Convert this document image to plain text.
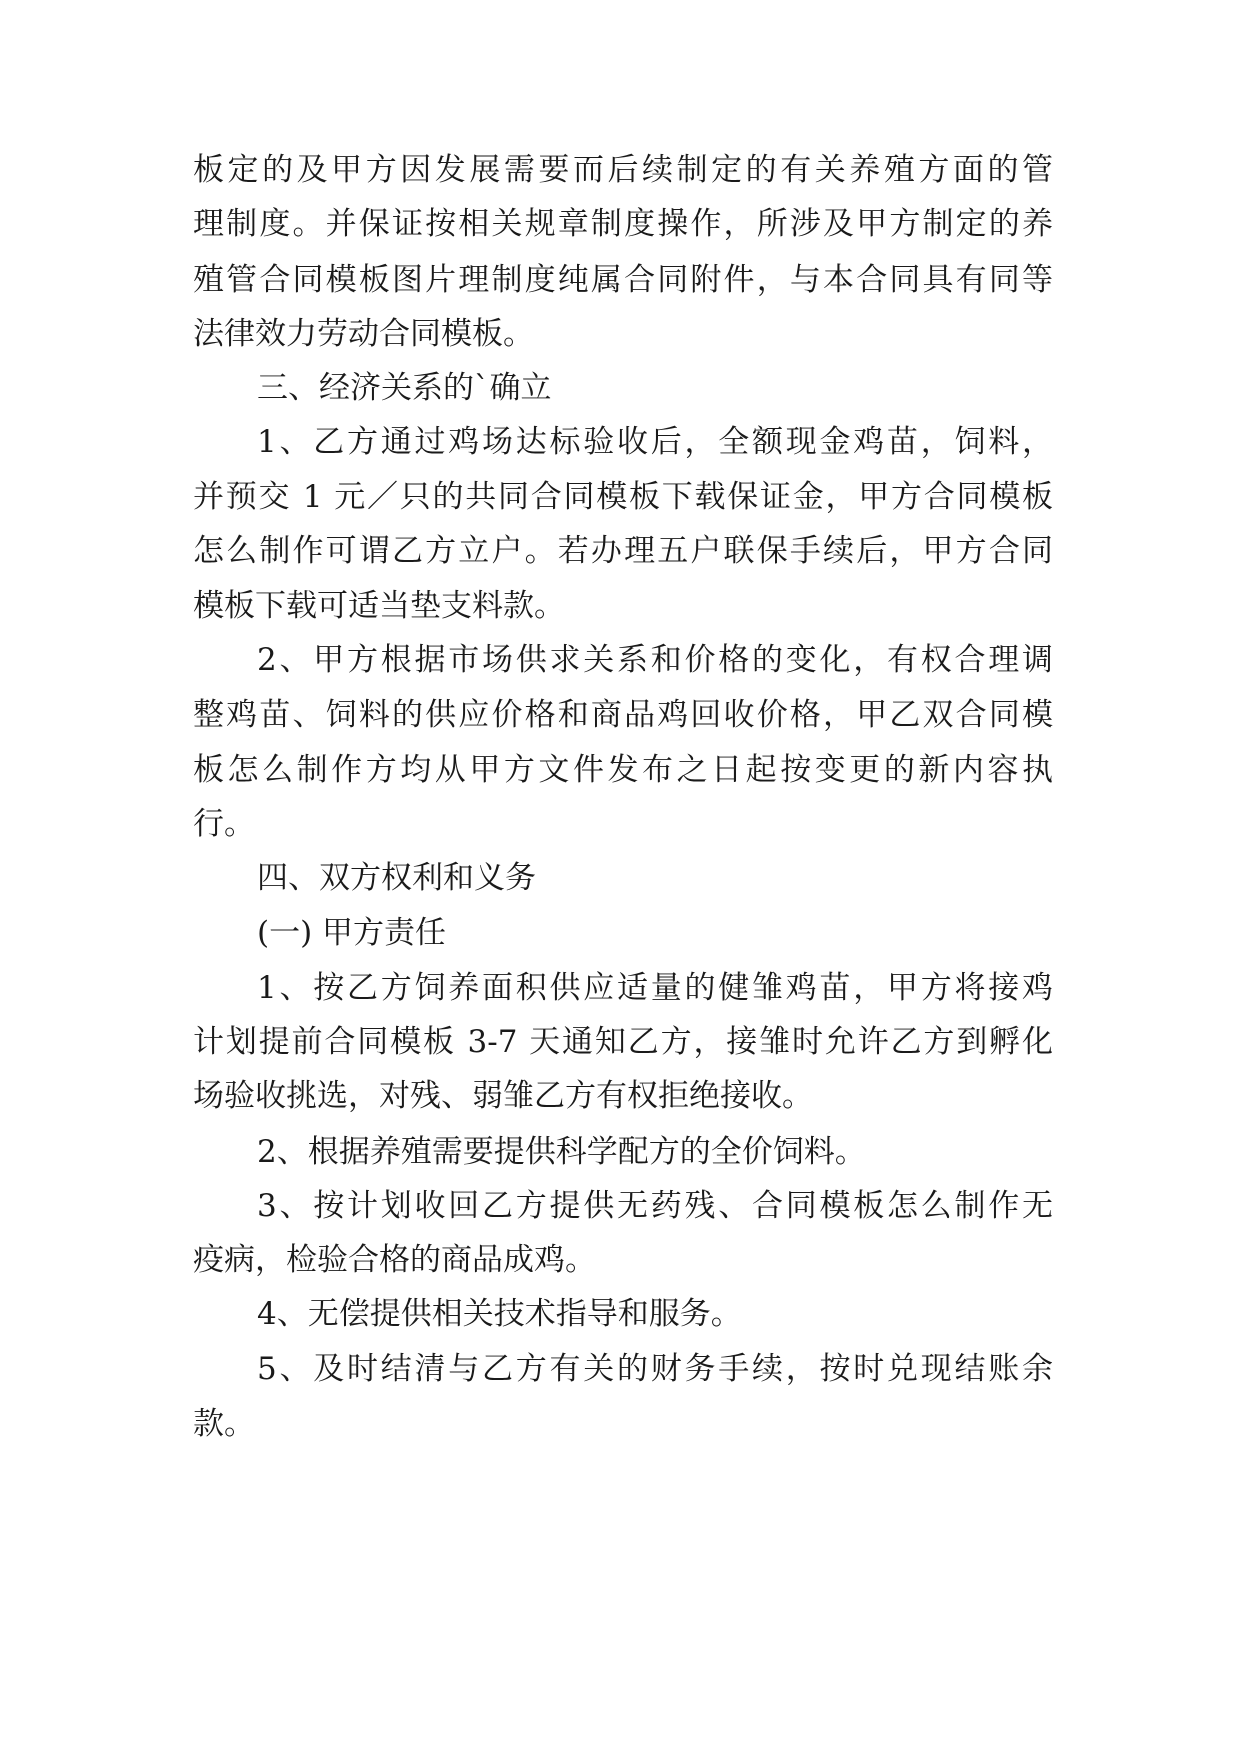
板定的及甲方因发展需要而后续制定的有关养殖方面的管
理制度。并保证按相关规章制度操作，所涉及甲方制定的养
殖管合同模板图片理制度纯属合同附件，与本合同具有同等
法律效力劳动合同模板。
三、经济关系的`确立
1、乙方通过鸡场达标验收后，全额现金鸡苗，饲料，
并预交 1 元／只的共同合同模板下载保证金，甲方合同模板
怎么制作可谓乙方立户。若办理五户联保手续后，甲方合同
模板下载可适当垫支料款。
2、甲方根据市场供求关系和价格的变化，有权合理调
整鸡苗、饲料的供应价格和商品鸡回收价格，甲乙双合同模
板怎么制作方均从甲方文件发布之日起按变更的新内容执
行。
四、双方权利和义务
(一) 甲方责任
1、按乙方饲养面积供应适量的健雏鸡苗，甲方将接鸡
计划提前合同模板 3-7 天通知乙方，接雏时允许乙方到孵化
场验收挑选，对残、弱雏乙方有权拒绝接收。
2、根据养殖需要提供科学配方的全价饲料。
3、按计划收回乙方提供无药残、合同模板怎么制作无
疫病，检验合格的商品成鸡。
4、无偿提供相关技术指导和服务。
5、及时结清与乙方有关的财务手续，按时兑现结账余
款。
